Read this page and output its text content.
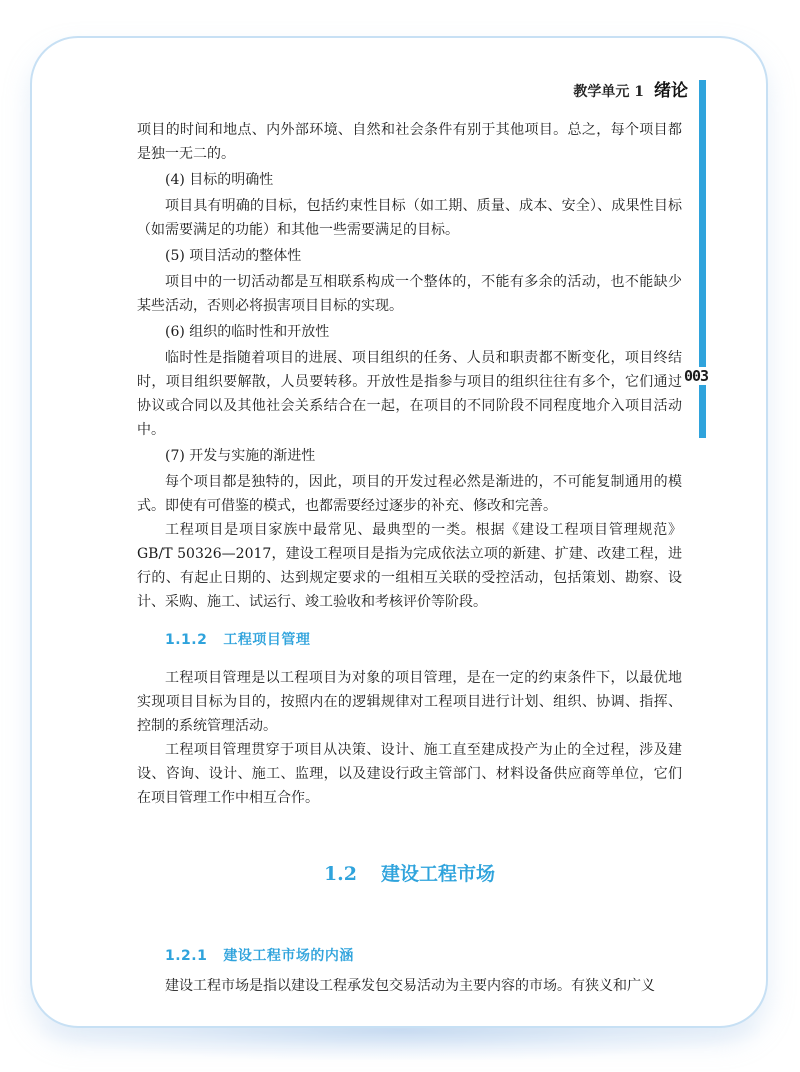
教学单元 1 绪论
003

项目的时间和地点、内外部环境、自然和社会条件有别于其他项目。总之，每个项目都是独一无二的。

(4) 目标的明确性

项目具有明确的目标，包括约束性目标（如工期、质量、成本、安全）、成果性目标（如需要满足的功能）和其他一些需要满足的目标。

(5) 项目活动的整体性

项目中的一切活动都是互相联系构成一个整体的，不能有多余的活动，也不能缺少某些活动，否则必将损害项目目标的实现。

(6) 组织的临时性和开放性

临时性是指随着项目的进展、项目组织的任务、人员和职责都不断变化，项目终结时，项目组织要解散，人员要转移。开放性是指参与项目的组织往往有多个，它们通过协议或合同以及其他社会关系结合在一起，在项目的不同阶段不同程度地介入项目活动中。

(7) 开发与实施的渐进性

每个项目都是独特的，因此，项目的开发过程必然是渐进的，不可能复制通用的模式。即使有可借鉴的模式，也都需要经过逐步的补充、修改和完善。

工程项目是项目家族中最常见、最典型的一类。根据《建设工程项目管理规范》GB/T 50326—2017，建设工程项目是指为完成依法立项的新建、扩建、改建工程，进行的、有起止日期的、达到规定要求的一组相互关联的受控活动，包括策划、勘察、设计、采购、施工、试运行、竣工验收和考核评价等阶段。

1.1.2 工程项目管理

工程项目管理是以工程项目为对象的项目管理，是在一定的约束条件下，以最优地实现项目目标为目的，按照内在的逻辑规律对工程项目进行计划、组织、协调、指挥、控制的系统管理活动。

工程项目管理贯穿于项目从决策、设计、施工直至建成投产为止的全过程，涉及建设、咨询、设计、施工、监理，以及建设行政主管部门、材料设备供应商等单位，它们在项目管理工作中相互合作。

1.2 建设工程市场
1.2.1 建设工程市场的内涵

建设工程市场是指以建设工程承发包交易活动为主要内容的市场。有狭义和广义
